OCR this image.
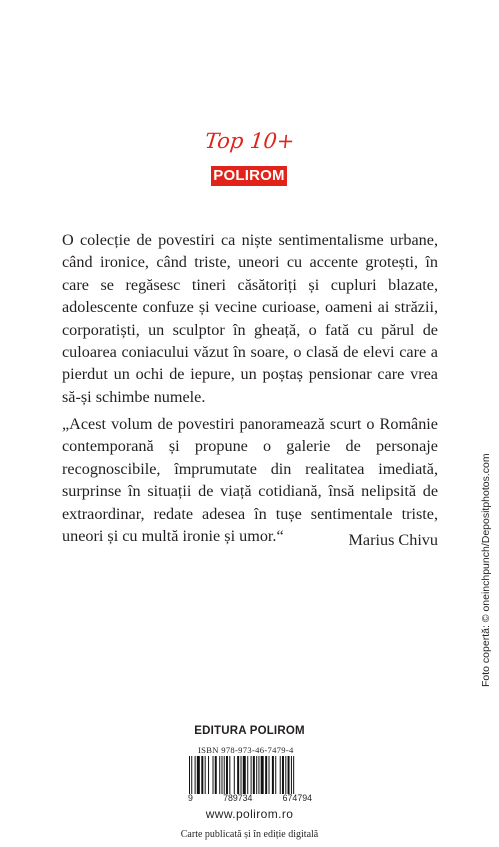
Top 10+
POLIROM
O colecție de povestiri ca niște sentimentalisme urbane, când ironice, când triste, uneori cu accente grotești, în care se regăsesc tineri căsătoriți și cupluri blazate, adolescente confuze și vecine curioase, oameni ai străzii, corporatiști, un sculptor în gheață, o fată cu părul de culoarea coniacului văzut în soare, o clasă de elevi care a pierdut un ochi de iepure, un poștaș pensionar care vrea să-și schimbe numele.
„Acest volum de povestiri panoramează scurt o Românie contemporană și propune o galerie de personaje recognoscibile, împrumutate din realitatea imediată, surprinse în situații de viață cotidiană, însă nelipsită de extraordinar, redate adesea în tușe sentimentale triste, uneori și cu multă ironie și umor.“	Marius Chivu	Foto copertă: © oneinchpunch/Depositphotos.com
EDITURA POLIROM
ISBN 978-973-46-7479-4
9	789734	674794
www.polirom.ro
Carte publicată și în ediție digitală
